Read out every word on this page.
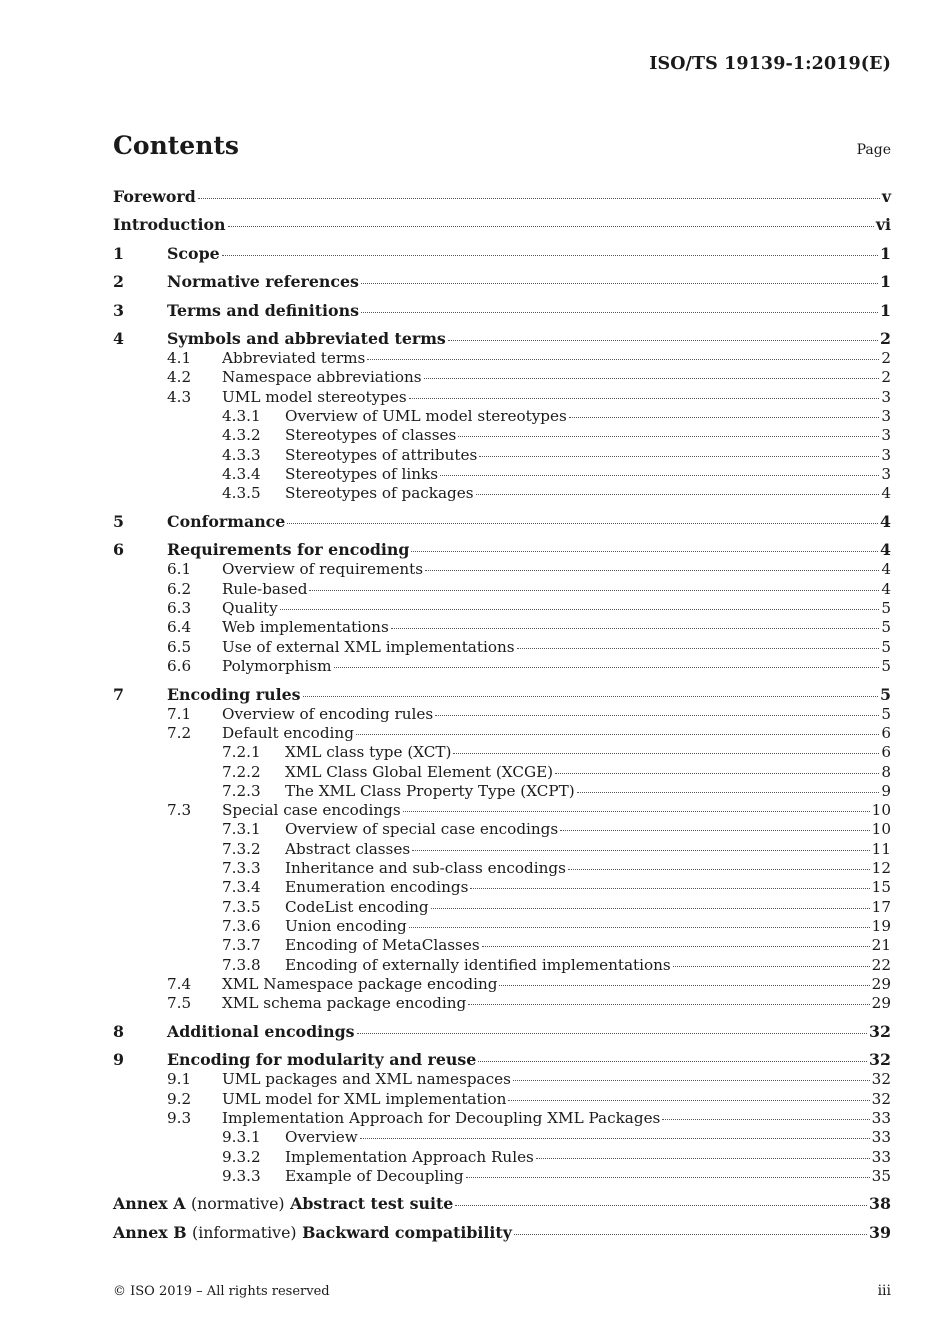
ISO/TS 19139-1:2019(E)
Contents	Page
Foreword	v
Introduction	vi
1	Scope	1
2	Normative references	1
3	Terms and definitions	1
4	Symbols and abbreviated terms	2
4.1	Abbreviated terms	2
4.2	Namespace abbreviations	2
4.3	UML model stereotypes	3
4.3.1	Overview of UML model stereotypes	3
4.3.2	Stereotypes of classes	3
4.3.3	Stereotypes of attributes	3
4.3.4	Stereotypes of links	3
4.3.5	Stereotypes of packages	4
5	Conformance	4
6	Requirements for encoding	4
6.1	Overview of requirements	4
6.2	Rule-based	4
6.3	Quality	5
6.4	Web implementations	5
6.5	Use of external XML implementations	5
6.6	Polymorphism	5
7	Encoding rules	5
7.1	Overview of encoding rules	5
7.2	Default encoding	6
7.2.1	XML class type (XCT)	6
7.2.2	XML Class Global Element (XCGE)	8
7.2.3	The XML Class Property Type (XCPT)	9
7.3	Special case encodings	10
7.3.1	Overview of special case encodings	10
7.3.2	Abstract classes	11
7.3.3	Inheritance and sub-class encodings	12
7.3.4	Enumeration encodings	15
7.3.5	CodeList encoding	17
7.3.6	Union encoding	19
7.3.7	Encoding of MetaClasses	21
7.3.8	Encoding of externally identified implementations	22
7.4	XML Namespace package encoding	29
7.5	XML schema package encoding	29
8	Additional encodings	32
9	Encoding for modularity and reuse	32
9.1	UML packages and XML namespaces	32
9.2	UML model for XML implementation	32
9.3	Implementation Approach for Decoupling XML Packages	33
9.3.1	Overview	33
9.3.2	Implementation Approach Rules	33
9.3.3	Example of Decoupling	35
Annex A (normative) Abstract test suite	38
Annex B (informative) Backward compatibility	39
© ISO 2019 – All rights reserved	iii
